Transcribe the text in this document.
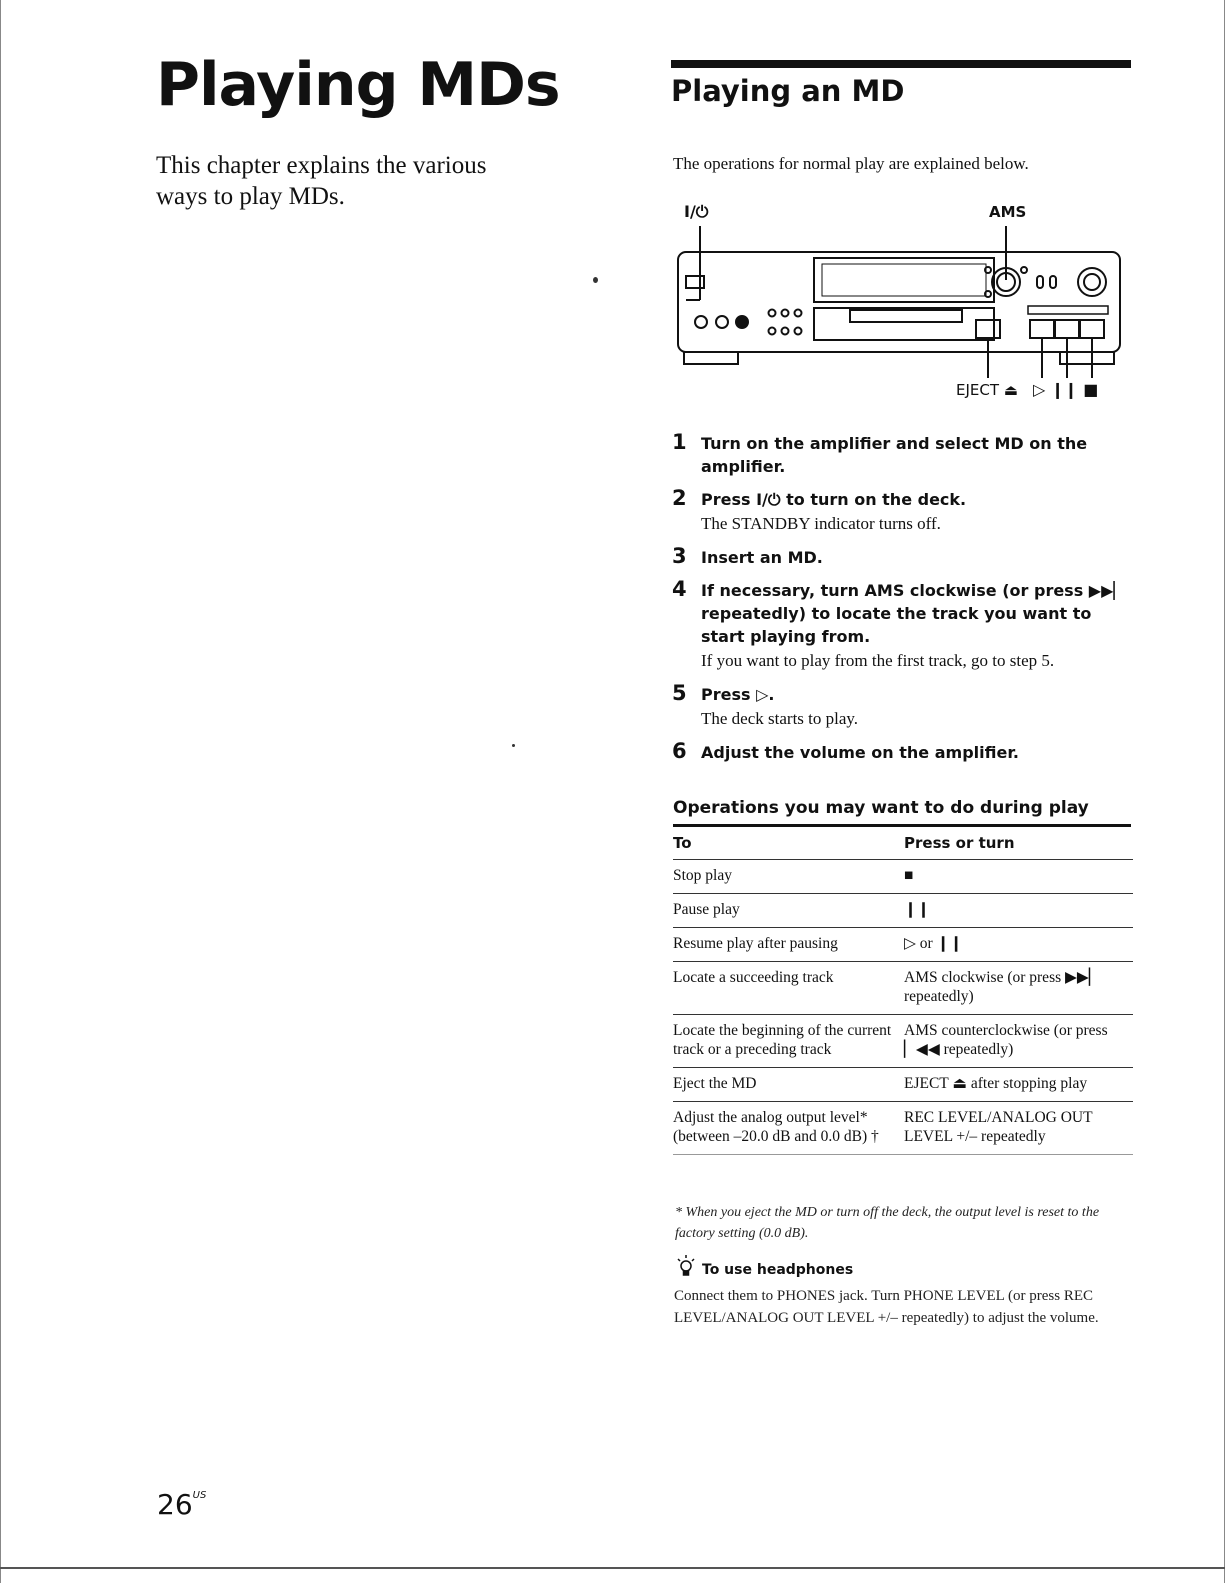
Playing MDs

This chapter explains the various ways to play MDs.

Playing an MD

The operations for normal play are explained below.

I/⏻	AMS
EJECT ⏏ ▷ ❙❙ ■
1 Turn on the amplifier and select MD on the amplifier.
2 Press I/⏻ to turn on the deck.
The STANDBY indicator turns off.
3 Insert an MD.
4 If necessary, turn AMS clockwise (or press ▶▶▏ repeatedly) to locate the track you want to start playing from.
If you want to play from the first track, go to step 5.
5 Press ▷.
The deck starts to play.
6 Adjust the volume on the amplifier.
Operations you may want to do during play
To	Press or turn
Stop play	■
Pause play	❙❙
Resume play after pausing	▷ or ❙❙
Locate a succeeding track	AMS clockwise (or press ▶▶▏ repeatedly)
Locate the beginning of the current track or a preceding track	AMS counterclockwise (or press ▏◀◀ repeatedly)
Eject the MD	EJECT ⏏ after stopping play
Adjust the analog output level* (between –20.0 dB and 0.0 dB) †	REC LEVEL/ANALOG OUT LEVEL +/– repeatedly

* When you eject the MD or turn off the deck, the output level is reset to the factory setting (0.0 dB).

To use headphones

Connect them to PHONES jack. Turn PHONE LEVEL (or press REC LEVEL/ANALOG OUT LEVEL +/– repeatedly) to adjust the volume.

$26^{US}$
